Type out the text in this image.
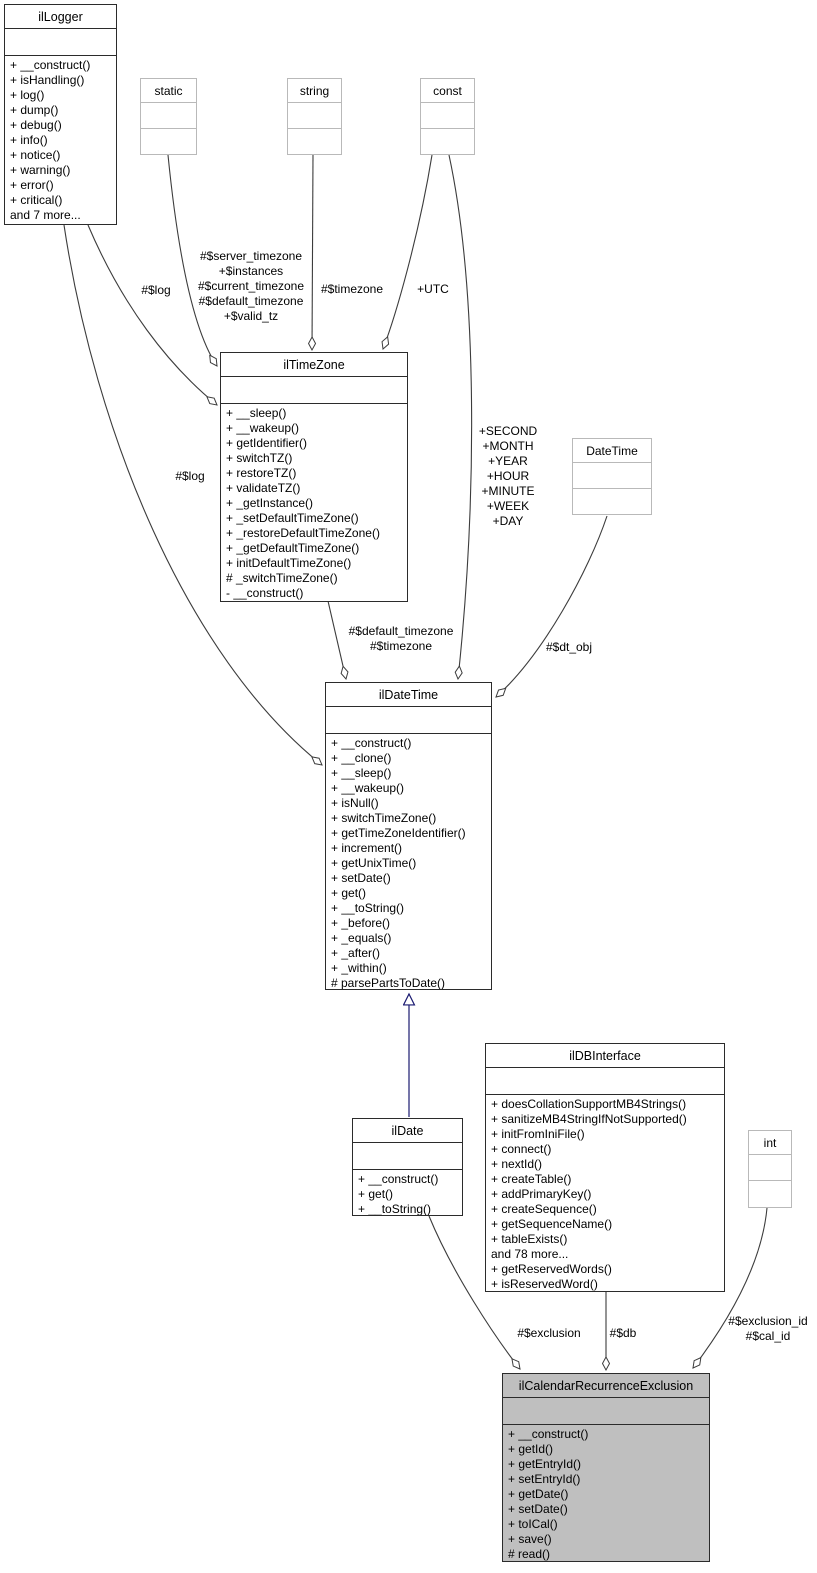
ilLogger
+ __construct()
+ isHandling()
+ log()
+ dump()
+ debug()
+ info()
+ notice()
+ warning()
+ error()
+ critical()
and 7 more...
static	string	const
ilTimeZone
+ __sleep()
+ __wakeup()
+ getIdentifier()
+ switchTZ()
+ restoreTZ()
+ validateTZ()
+ _getInstance()
+ _setDefaultTimeZone()
+ _restoreDefaultTimeZone()
+ _getDefaultTimeZone()
+ initDefaultTimeZone()
# _switchTimeZone()
- __construct()
DateTime
ilDateTime
+ __construct()
+ __clone()
+ __sleep()
+ __wakeup()
+ isNull()
+ switchTimeZone()
+ getTimeZoneIdentifier()
+ increment()
+ getUnixTime()
+ setDate()
+ get()
+ __toString()
+ _before()
+ _equals()
+ _after()
+ _within()
# parsePartsToDate()
ilDate
+ __construct()
+ get()
+ __toString()
ilDBInterface
+ doesCollationSupportMB4Strings()
+ sanitizeMB4StringIfNotSupported()
+ initFromIniFile()
+ connect()
+ nextId()
+ createTable()
+ addPrimaryKey()
+ createSequence()
+ getSequenceName()
+ tableExists()
and 78 more...
+ getReservedWords()
+ isReservedWord()
int
ilCalendarRecurrenceExclusion
+ __construct()
+ getId()
+ getEntryId()
+ setEntryId()
+ getDate()
+ setDate()
+ toICal()
+ save()
# read()
#$log
#$server_timezone
+$instances
#$current_timezone
#$default_timezone
+$valid_tz
#$timezone	+UTC
+SECOND
+MONTH
+YEAR
+HOUR
+MINUTE
+WEEK
+DAY
#$log
#$default_timezone
#$timezone	#$dt_obj
#$exclusion #$db
#$exclusion_id
#$cal_id
